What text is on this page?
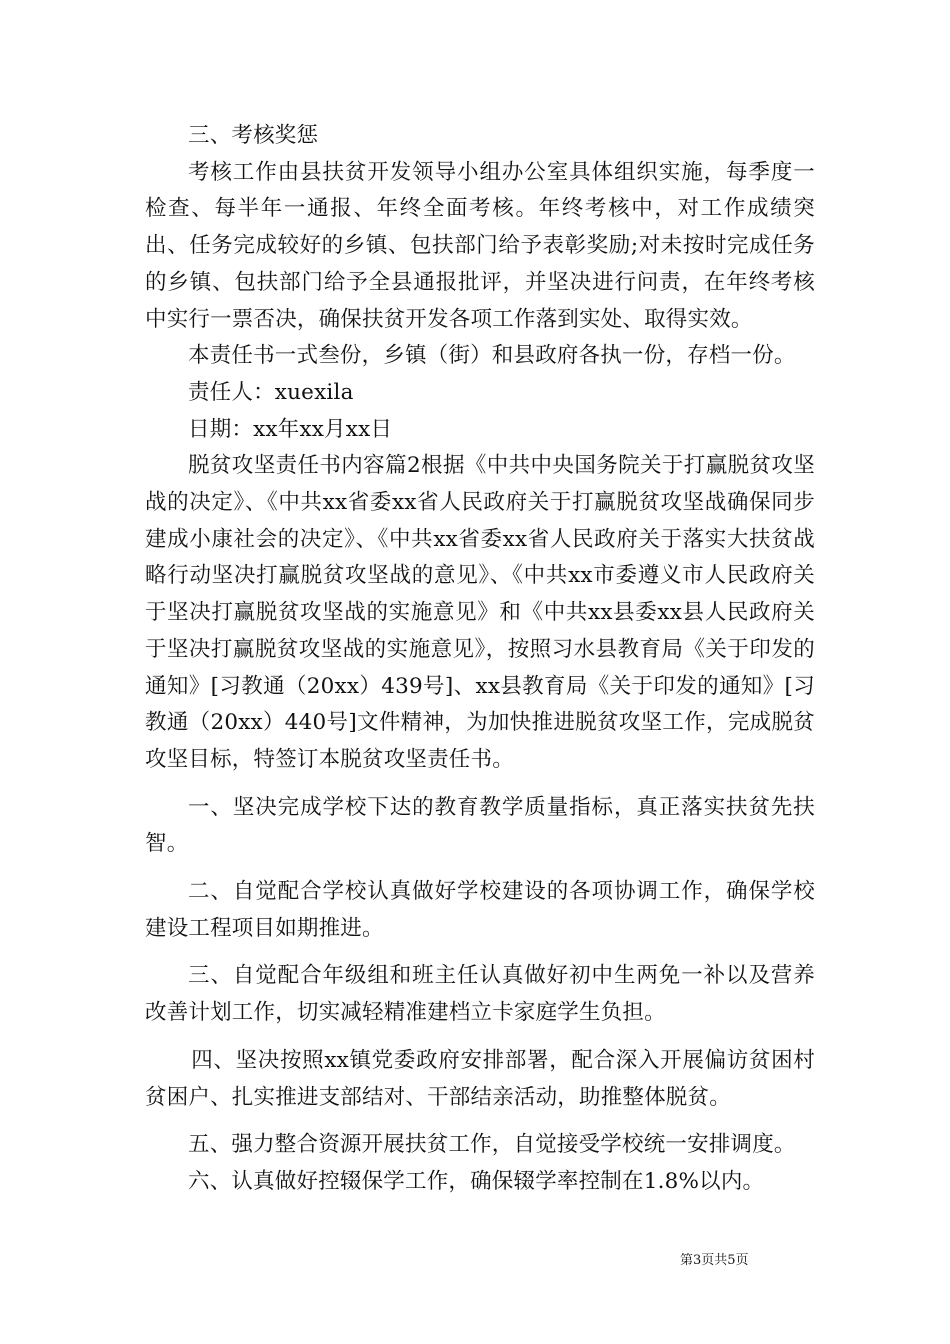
三、考核奖惩

考核工作由县扶贫开发领导小组办公室具体组织实施，每季度一检查、每半年一通报、年终全面考核。年终考核中，对工作成绩突出、任务完成较好的乡镇、包扶部门给予表彰奖励;对未按时完成任务的乡镇、包扶部门给予全县通报批评，并坚决进行问责，在年终考核中实行一票否决，确保扶贫开发各项工作落到实处、取得实效。

本责任书一式叁份，乡镇（街）和县政府各执一份，存档一份。

责任人：xuexila

日期：xx年xx月xx日

脱贫攻坚责任书内容篇2根据《中共中央国务院关于打赢脱贫攻坚战的决定》、《中共xx省委xx省人民政府关于打赢脱贫攻坚战确保同步建成小康社会的决定》、《中共xx省委xx省人民政府关于落实大扶贫战略行动坚决打赢脱贫攻坚战的意见》、《中共xx市委遵义市人民政府关于坚决打赢脱贫攻坚战的实施意见》和《中共xx县委xx县人民政府关于坚决打赢脱贫攻坚战的实施意见》，按照习水县教育局《关于印发的通知》[习教通（20xx）439号]、xx县教育局《关于印发的通知》[习教通（20xx）440号]文件精神，为加快推进脱贫攻坚工作，完成脱贫攻坚目标，特签订本脱贫攻坚责任书。

一、坚决完成学校下达的教育教学质量指标，真正落实扶贫先扶智。

二、自觉配合学校认真做好学校建设的各项协调工作，确保学校建设工程项目如期推进。

三、自觉配合年级组和班主任认真做好初中生两免一补以及营养改善计划工作，切实减轻精准建档立卡家庭学生负担。

四、坚决按照xx镇党委政府安排部署，配合深入开展偏访贫困村贫困户、扎实推进支部结对、干部结亲活动，助推整体脱贫。

五、强力整合资源开展扶贫工作，自觉接受学校统一安排调度。

六、认真做好控辍保学工作，确保辍学率控制在1.8%以内。

第3页共5页
